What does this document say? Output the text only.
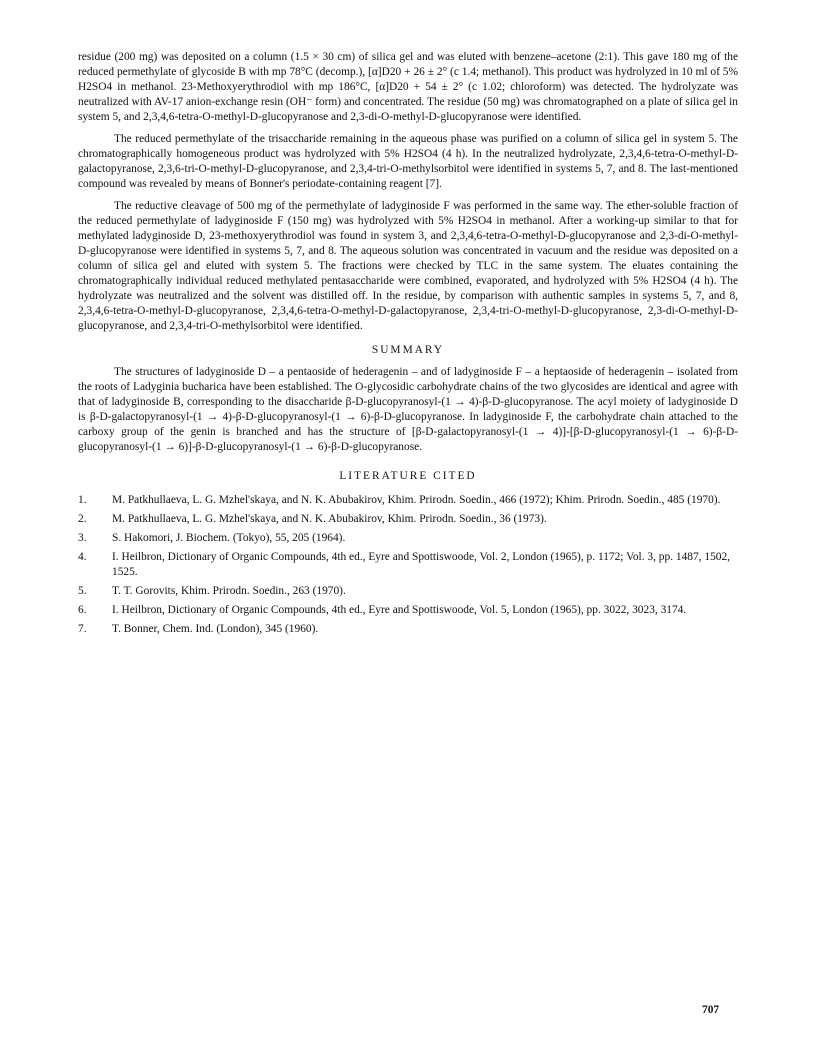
residue (200 mg) was deposited on a column (1.5 × 30 cm) of silica gel and was eluted with benzene–acetone (2:1). This gave 180 mg of the reduced permethylate of glycoside B with mp 78°C (decomp.), [α]D20 + 26 ± 2° (c 1.4; methanol). This product was hydrolyzed in 10 ml of 5% H2SO4 in methanol. 23-Methoxyerythrodiol with mp 186°C, [α]D20 + 54 ± 2° (c 1.02; chloroform) was detected. The hydrolyzate was neutralized with AV-17 anion-exchange resin (OH⁻ form) and concentrated. The residue (50 mg) was chromatographed on a plate of silica gel in system 5, and 2,3,4,6-tetra-O-methyl-D-glucopyranose and 2,3-di-O-methyl-D-glucopyranose were identified.

The reduced permethylate of the trisaccharide remaining in the aqueous phase was purified on a column of silica gel in system 5. The chromatographically homogeneous product was hydrolyzed with 5% H2SO4 (4 h). In the neutralized hydrolyzate, 2,3,4,6-tetra-O-methyl-D-galactopyranose, 2,3,6-tri-O-methyl-D-glucopyranose, and 2,3,4-tri-O-methylsorbitol were identified in systems 5, 7, and 8. The last-mentioned compound was revealed by means of Bonner's periodate-containing reagent [7].

The reductive cleavage of 500 mg of the permethylate of ladyginoside F was performed in the same way. The ether-soluble fraction of the reduced permethylate of ladyginoside F (150 mg) was hydrolyzed with 5% H2SO4 in methanol. After a working-up similar to that for methylated ladyginoside D, 23-methoxyerythrodiol was found in system 3, and 2,3,4,6-tetra-O-methyl-D-glucopyranose and 2,3-di-O-methyl-D-glucopyranose were identified in systems 5, 7, and 8. The aqueous solution was concentrated in vacuum and the residue was deposited on a column of silica gel and eluted with system 5. The fractions were checked by TLC in the same system. The eluates containing the chromatographically individual reduced methylated pentasaccharide were combined, evaporated, and hydrolyzed with 5% H2SO4 (4 h). The hydrolyzate was neutralized and the solvent was distilled off. In the residue, by comparison with authentic samples in systems 5, 7, and 8, 2,3,4,6-tetra-O-methyl-D-glucopyranose, 2,3,4,6-tetra-O-methyl-D-galactopyranose, 2,3,4-tri-O-methyl-D-glucopyranose, 2,3-di-O-methyl-D-glucopyranose, and 2,3,4-tri-O-methylsorbitol were identified.

SUMMARY

The structures of ladyginoside D – a pentaoside of hederagenin – and of ladyginoside F – a heptaoside of hederagenin – isolated from the roots of Ladyginia bucharica have been established. The O-glycosidic carbohydrate chains of the two glycosides are identical and agree with that of ladyginoside B, corresponding to the disaccharide β-D-glucopyranosyl-(1 → 4)-β-D-glucopyranose. The acyl moiety of ladyginoside D is β-D-galactopyranosyl-(1 → 4)-β-D-glucopyranosyl-(1 → 6)-β-D-glucopyranose. In ladyginoside F, the carbohydrate chain attached to the carboxy group of the genin is branched and has the structure of [β-D-galactopyranosyl-(1 → 4)]-[β-D-glucopyranosyl-(1 → 6)-β-D-glucopyranosyl-(1 → 6)]-β-D-glucopyranosyl-(1 → 6)-β-D-glucopyranose.

LITERATURE CITED
1.	M. Patkhullaeva, L. G. Mzhel'skaya, and N. K. Abubakirov, Khim. Prirodn. Soedin., 466 (1972); Khim. Prirodn. Soedin., 485 (1970).
2.	M. Patkhullaeva, L. G. Mzhel'skaya, and N. K. Abubakirov, Khim. Prirodn. Soedin., 36 (1973).
3.	S. Hakomori, J. Biochem. (Tokyo), 55, 205 (1964).
4.	I. Heilbron, Dictionary of Organic Compounds, 4th ed., Eyre and Spottiswoode, Vol. 2, London (1965), p. 1172; Vol. 3, pp. 1487, 1502, 1525.
5.	T. T. Gorovits, Khim. Prirodn. Soedin., 263 (1970).
6.	I. Heilbron, Dictionary of Organic Compounds, 4th ed., Eyre and Spottiswoode, Vol. 5, London (1965), pp. 3022, 3023, 3174.
7.	T. Bonner, Chem. Ind. (London), 345 (1960).
707
